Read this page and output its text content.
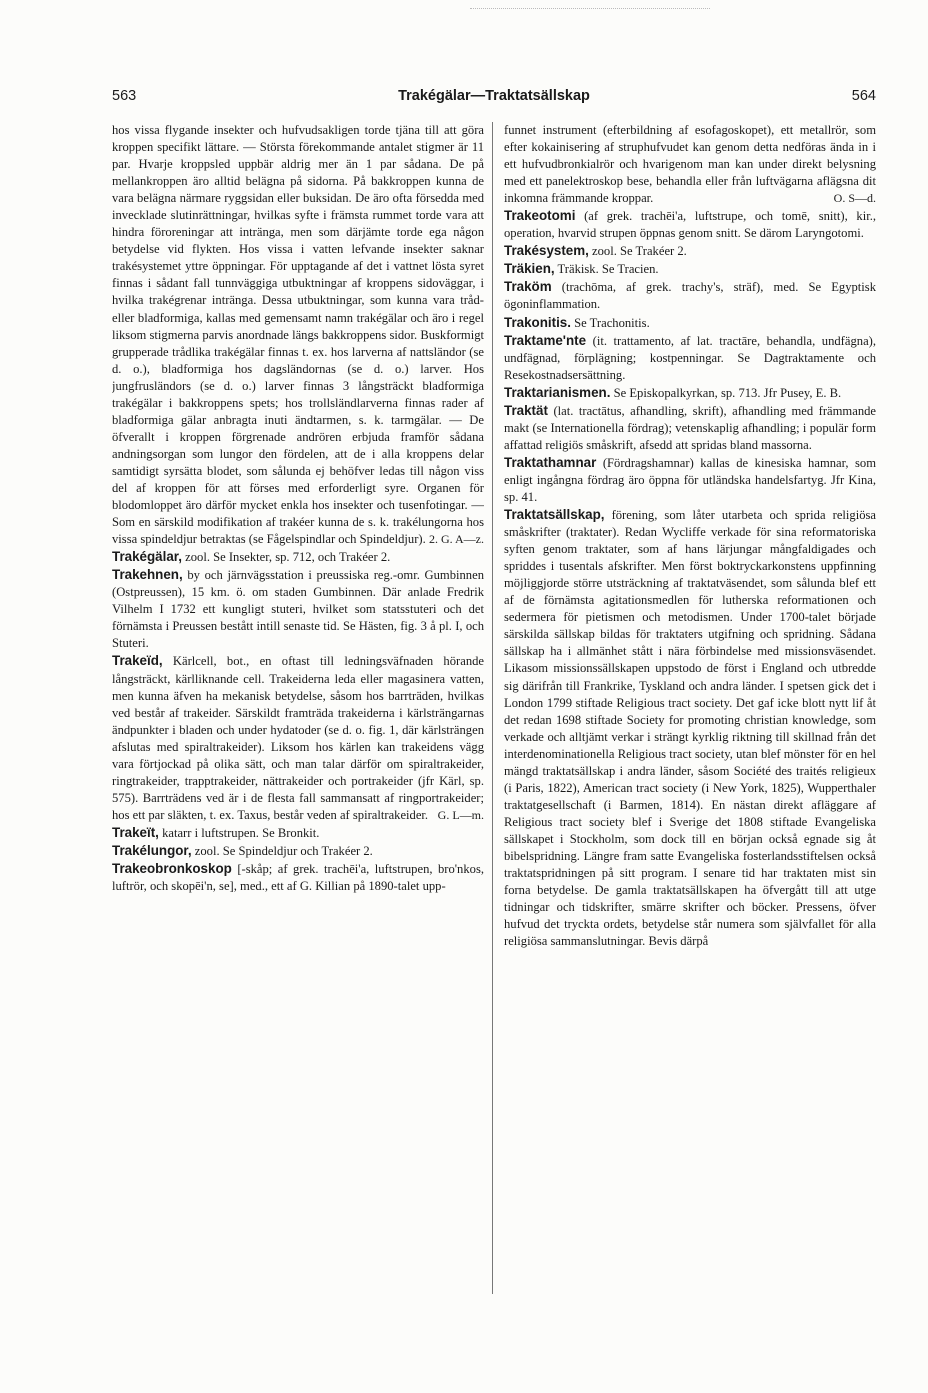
563	Trakégälar—Traktatsällskap	564

hos vissa flygande insekter och hufvudsakligen torde tjäna till att göra kroppen specifikt lättare. — Största förekommande antalet stigmer är 11 par. Hvarje kroppsled uppbär aldrig mer än 1 par sådana. De på mellankroppen äro alltid belägna på sidorna. På bakkroppen kunna de vara belägna närmare ryggsidan eller buksidan. De äro ofta försedda med invecklade slutinrättningar, hvilkas syfte i främsta rummet torde vara att hindra föroreningar att inträngа, men som därjämte torde ega någon betydelse vid flykten. Hos vissa i vatten lefvande insekter saknar trakésystemet yttre öppningar. För upptagande af det i vattnet lösta syret finnas i sådant fall tunnväggiga utbuktningar af kroppens sidoväggar, i hvilka trakégrenar inträngа. Dessa utbuktningar, som kunna vara tråd- eller bladformiga, kallas med gemensamt namn trakégälar och äro i regel liksom stigmerna parvis anordnade längs bakkroppens sidor. Buskformigt grupperade trådlika trakégälar finnas t. ex. hos larverna af nattsländor (se d. o.), bladformiga hos dagsländornas (se d. o.) larver. Hos jungfrusländors (se d. o.) larver finnas 3 långsträckt bladformiga trakégälar i bakkroppens spets; hos trollsländlarverna finnas rader af bladformiga gälar anbragta inuti ändtarmen, s. k. tarmgälar. — De öfverallt i kroppen förgrenade andrören erbjuda framför sådana andningsorgan som lungor den fördelen, att de i alla kroppens delar samtidigt syrsätta blodet, som sålunda ej behöfver ledas till någon viss del af kroppen för att förses med erforderligt syre. Organen för blodomloppet äro därför mycket enkla hos insekter och tusenfotingar. — Som en särskild modifikation af trakéer kunna de s. k. trakélungorna hos vissa spindeldjur betraktas (se Fågelspindlar och Spindeldjur). 2. G. A—z.

Trakégälar, zool. Se Insekter, sp. 712, och Trakéer 2.

Trakehnen, by och järnvägsstation i preussiska reg.-omr. Gumbinnen (Ostpreussen), 15 km. ö. om staden Gumbinnen. Där anlade Fredrik Vilhelm I 1732 ett kungligt stuteri, hvilket som statsstuteri och det förnämsta i Preussen bestått intill senaste tid. Se Hästen, fig. 3 å pl. I, och Stuteri.

Trakeïd, Kärlcell, bot., en oftast till ledningsväfnaden hörande långsträckt, kärlliknande cell. Trakeiderna leda eller magasinera vatten, men kunna äfven ha mekanisk betydelse, såsom hos barrträden, hvilkas ved består af trakeider. Särskildt framträda trakeiderna i kärlsträngarnas ändpunkter i bladen och under hydatoder (se d. o. fig. 1, där kärlsträngen afslutas med spiraltrakeider). Liksom hos kärlen kan trakeidens vägg vara förtjockad på olika sätt, och man talar därför om spiraltrakeider, ringtrakeider, trapptrakeider, nättrakeider och portrakeider (jfr Kärl, sp. 575). Barrträdens ved är i de flesta fall sammansatt af ringportrakeider; hos ett par släkten, t. ex. Taxus, består veden af spiraltrakeider. G. L—m.

Trakeït, katarr i luftstrupen. Se Bronkit.

Trakélungor, zool. Se Spindeldjur och Trakéer 2.

Trakeobronkoskop [-skåp; af grek. trachēi'a, luftstrupen, bro'nkos, luftrör, och skopēi'n, se], med., ett af G. Killian på 1890-talet upp-

funnet instrument (efterbildning af esofagoskopet), ett metallrör, som efter kokainisering af struphufvudet kan genom detta nedföras ända in i ett hufvudbronkialrör och hvarigenom man kan under direkt belysning med ett panelektroskop bese, behandla eller från luftvägarna aflägsna dit inkomna främmande kroppar.	O. S—d.

Trakeotomi (af grek. trachēi'a, luftstrupe, och tomē, snitt), kir., operation, hvarvid strupen öppnas genom snitt. Se därom Laryngotomi.

Trakésystem, zool. Se Trakéer 2.

Träkien, Träkisk. Se Tracien.

Traköm (trachōma, af grek. trachy's, sträf), med. Se Egyptisk ögoninflammation.

Trakonitis. Se Trachonitis.

Traktame'nte (it. trattamento, af lat. tractāre, behandla, undfägna), undfägnad, förplägning; kostpenningar. Se Dagtraktamente och Resekostnadsersättning.

Traktarianismen. Se Episkopalkyrkan, sp. 713. Jfr Pusey, E. B.

Traktät (lat. tractātus, afhandling, skrift), afhandling med främmande makt (se Internationella fördrag); vetenskaplig afhandling; i populär form affattad religiös småskrift, afsedd att spridas bland massorna.

Traktathamnar (Fördragshamnar) kallas de kinesiska hamnar, som enligt ingångna fördrag äro öppna för utländska handelsfartyg. Jfr Kina, sp. 41.

Traktatsällskap, förening, som låter utarbeta och sprida religiösa småskrifter (traktater). Redan Wycliffe verkade för sina reformatoriska syften genom traktater, som af hans lärjungar mångfaldigades och spriddes i tusentals afskrifter. Men först boktryckarkonstens uppfinning möjliggjorde större utsträckning af traktatväsendet, som sålunda blef ett af de förnämsta agitationsmedlen för lutherska reformationen och sedermera för pietismen och metodismen. Under 1700-talet började särskilda sällskap bildas för traktaters utgifning och spridning. Sådana sällskap ha i allmänhet stått i nära förbindelse med missionsväsendet. Likasom missionssällskapen uppstodo de först i England och utbredde sig därifrån till Frankrike, Tyskland och andra länder. I spetsen gick det i London 1799 stiftade Religious tract society. Det gaf icke blott nytt lif åt det redan 1698 stiftade Society for promoting christian knowledge, som verkade och alltjämt verkar i strängt kyrklig riktning till skillnad från det interdenominationella Religious tract society, utan blef mönster för en hel mängd traktatsällskap i andra länder, såsom Société des traités religieux (i Paris, 1822), American tract society (i New York, 1825), Wupperthaler traktatgesellschaft (i Barmen, 1814). En nästan direkt afläggare af Religious tract society blef i Sverige det 1808 stiftade Evangeliska sällskapet i Stockholm, som dock till en början också egnade sig åt bibelspridning. Längre fram satte Evangeliska fosterlandsstiftelsen också traktatspridningen på sitt program. I senare tid har traktaten mist sin forna betydelse. De gamla traktatsällskapen ha öfvergått till att utge tidningar och tidskrifter, smärre skrifter och böcker. Pressens, öfver hufvud det tryckta ordets, betydelse står numera som självfallet för alla religiösa sammanslutningar. Bevis därpå
